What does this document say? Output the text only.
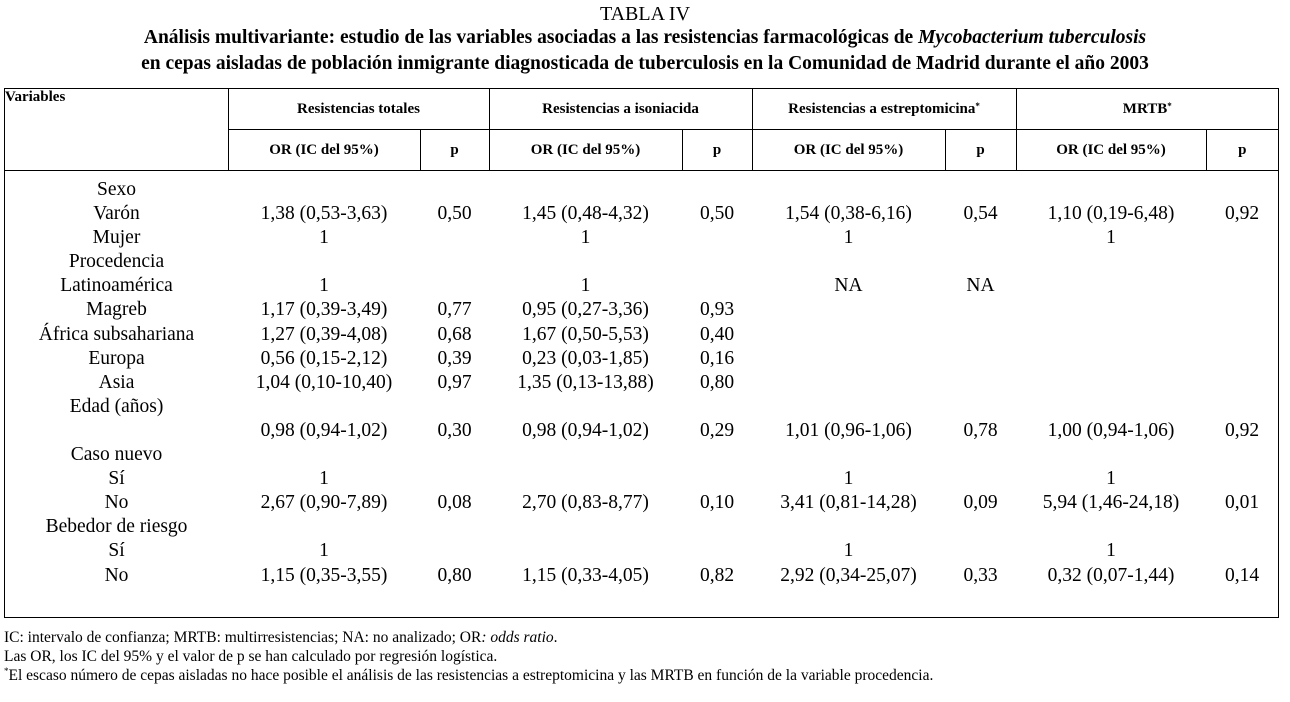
TABLA IV
Análisis multivariante: estudio de las variables asociadas a las resistencias farmacológicas de Mycobacterium tuberculosis
en cepas aisladas de población inmigrante diagnosticada de tuberculosis en la Comunidad de Madrid durante el año 2003
Variables	Resistencias totales		Resistencias a isoniacida		Resistencias a estreptomicina*		MRTB*
	OR (IC del 95%)	p	OR (IC del 95%)	p	OR (IC del 95%)	p	OR (IC del 95%)	p

Sexo								
Varón	1,38 (0,53-3,63)	0,50	1,45 (0,48-4,32)	0,50	1,54 (0,38-6,16)	0,54	1,10 (0,19-6,48)	0,92
Mujer	1		1		1		1	
Procedencia								
Latinoamérica	1		1		NA	NA		
Magreb	1,17 (0,39-3,49)	0,77	0,95 (0,27-3,36)	0,93				
África subsahariana	1,27 (0,39-4,08)	0,68	1,67 (0,50-5,53)	0,40				
Europa	0,56 (0,15-2,12)	0,39	0,23 (0,03-1,85)	0,16				
Asia	1,04 (0,10-10,40)	0,97	1,35 (0,13-13,88)	0,80				
Edad (años)								
	0,98 (0,94-1,02)	0,30	0,98 (0,94-1,02)	0,29	1,01 (0,96-1,06)	0,78	1,00 (0,94-1,06)	0,92
Caso nuevo								
Sí	1				1		1	
No	2,67 (0,90-7,89)	0,08	2,70 (0,83-8,77)	0,10	3,41 (0,81-14,28)	0,09	5,94 (1,46-24,18)	0,01
Bebedor de riesgo								
Sí	1				1		1	
No	1,15 (0,35-3,55)	0,80	1,15 (0,33-4,05)	0,82	2,92 (0,34-25,07)	0,33	0,32 (0,07-1,44)	0,14
IC: intervalo de confianza; MRTB: multirresistencias; NA: no analizado; OR: odds ratio.
Las OR, los IC del 95% y el valor de p se han calculado por regresión logística.
*El escaso número de cepas aisladas no hace posible el análisis de las resistencias a estreptomicina y las MRTB en función de la variable procedencia.
